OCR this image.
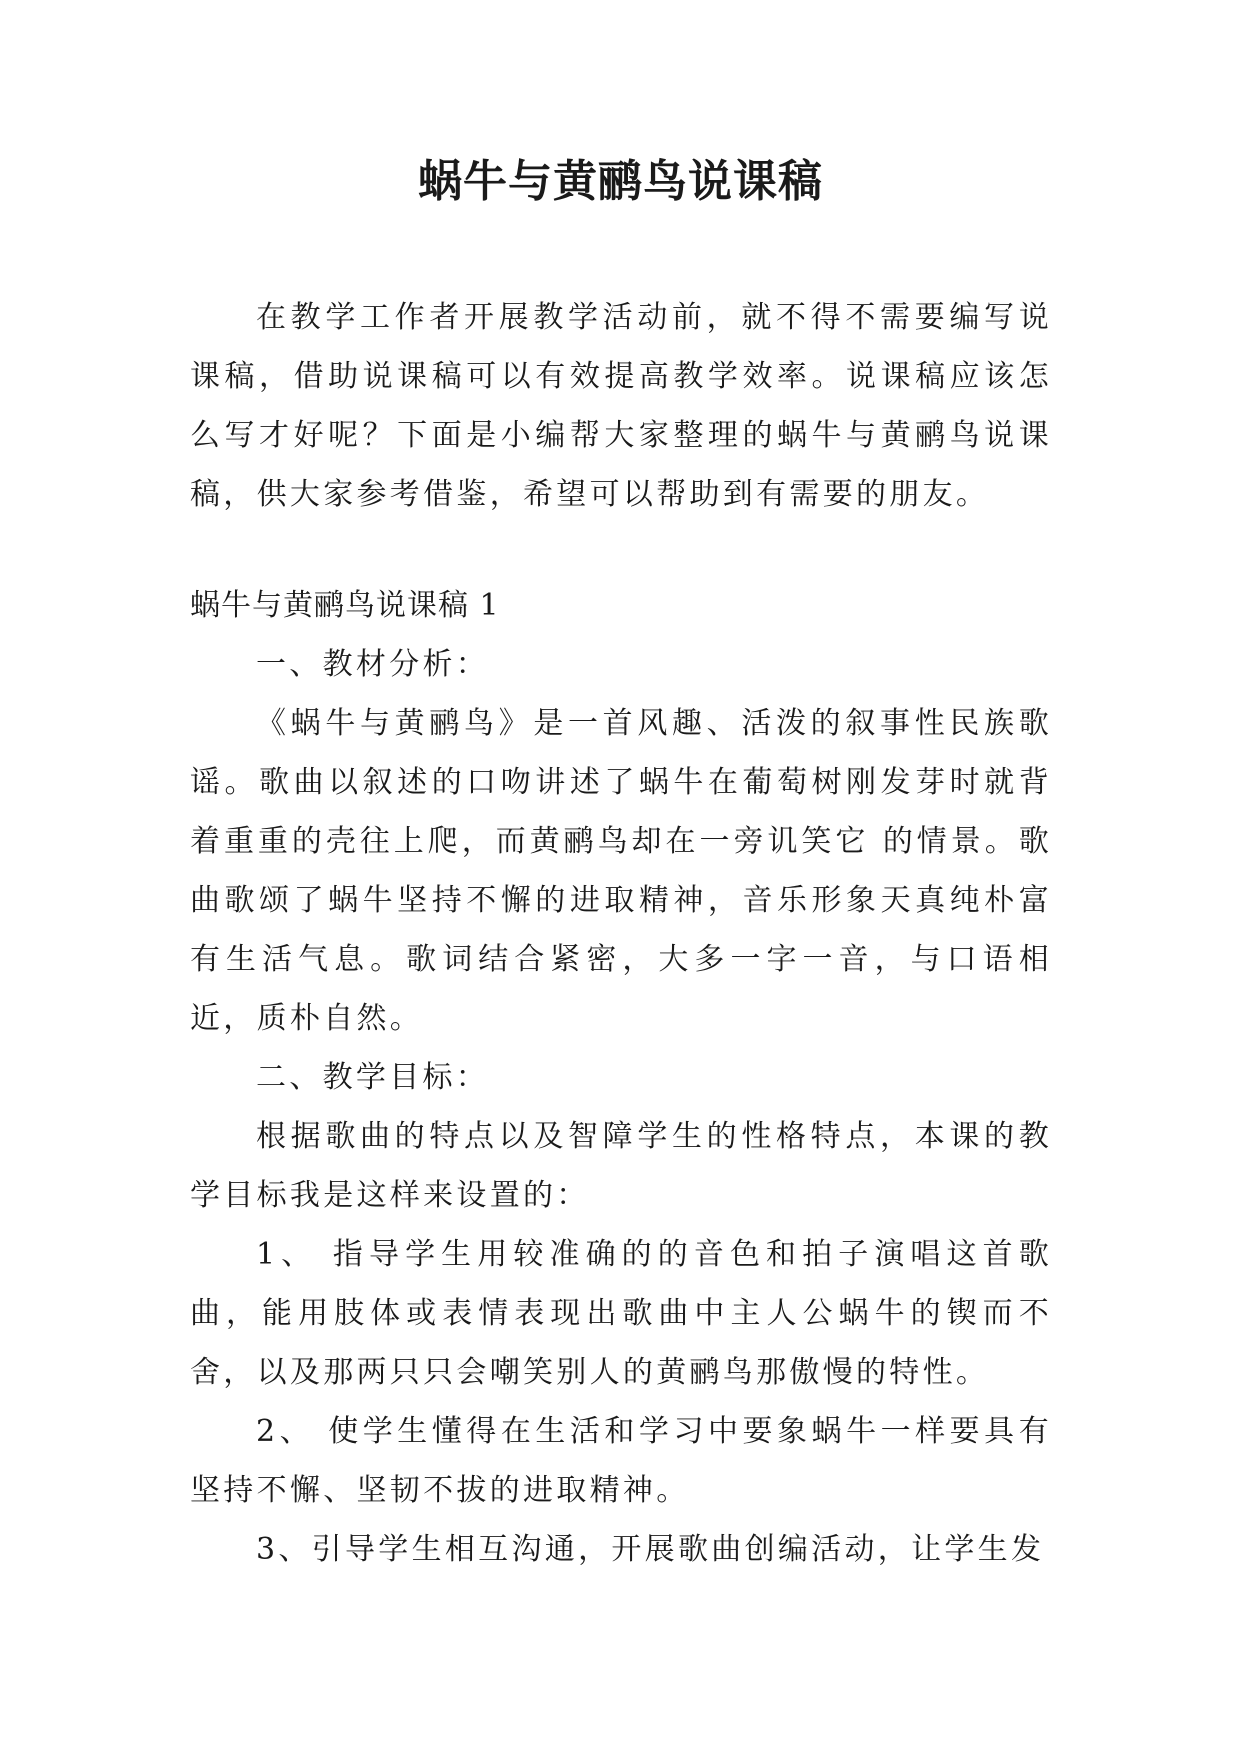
蜗牛与黄鹂鸟说课稿

在教学工作者开展教学活动前，就不得不需要编写说课稿，借助说课稿可以有效提高教学效率。说课稿应该怎么写才好呢？下面是小编帮大家整理的蜗牛与黄鹂鸟说课稿，供大家参考借鉴，希望可以帮助到有需要的朋友。

蜗牛与黄鹂鸟说课稿 1

一、教材分析：

《蜗牛与黄鹂鸟》是一首风趣、活泼的叙事性民族歌谣。歌曲以叙述的口吻讲述了蜗牛在葡萄树刚发芽时就背着重重的壳往上爬，而黄鹂鸟却在一旁讥笑它 的情景。歌曲歌颂了蜗牛坚持不懈的进取精神，音乐形象天真纯朴富有生活气息。歌词结合紧密，大多一字一音，与口语相近，质朴自然。

二、教学目标：

根据歌曲的特点以及智障学生的性格特点，本课的教学目标我是这样来设置的：

1、 指导学生用较准确的的音色和拍子演唱这首歌曲，能用肢体或表情表现出歌曲中主人公蜗牛的锲而不舍，以及那两只只会嘲笑别人的黄鹂鸟那傲慢的特性。

2、 使学生懂得在生活和学习中要象蜗牛一样要具有坚持不懈、坚韧不拔的进取精神。

3、引导学生相互沟通，开展歌曲创编活动，让学生发
